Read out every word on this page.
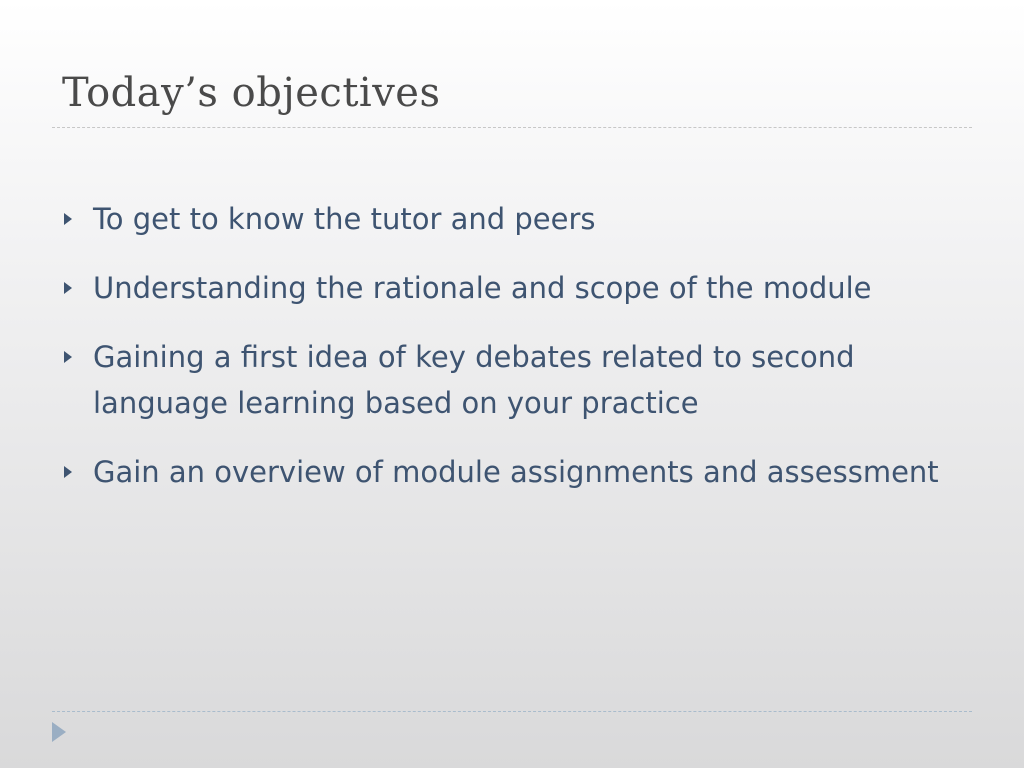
Today’s objectives
To get to know the tutor and peers
Understanding the rationale and scope of the module
Gaining a first idea of key debates related to second language learning based on your practice
Gain an overview of module assignments and assessment
